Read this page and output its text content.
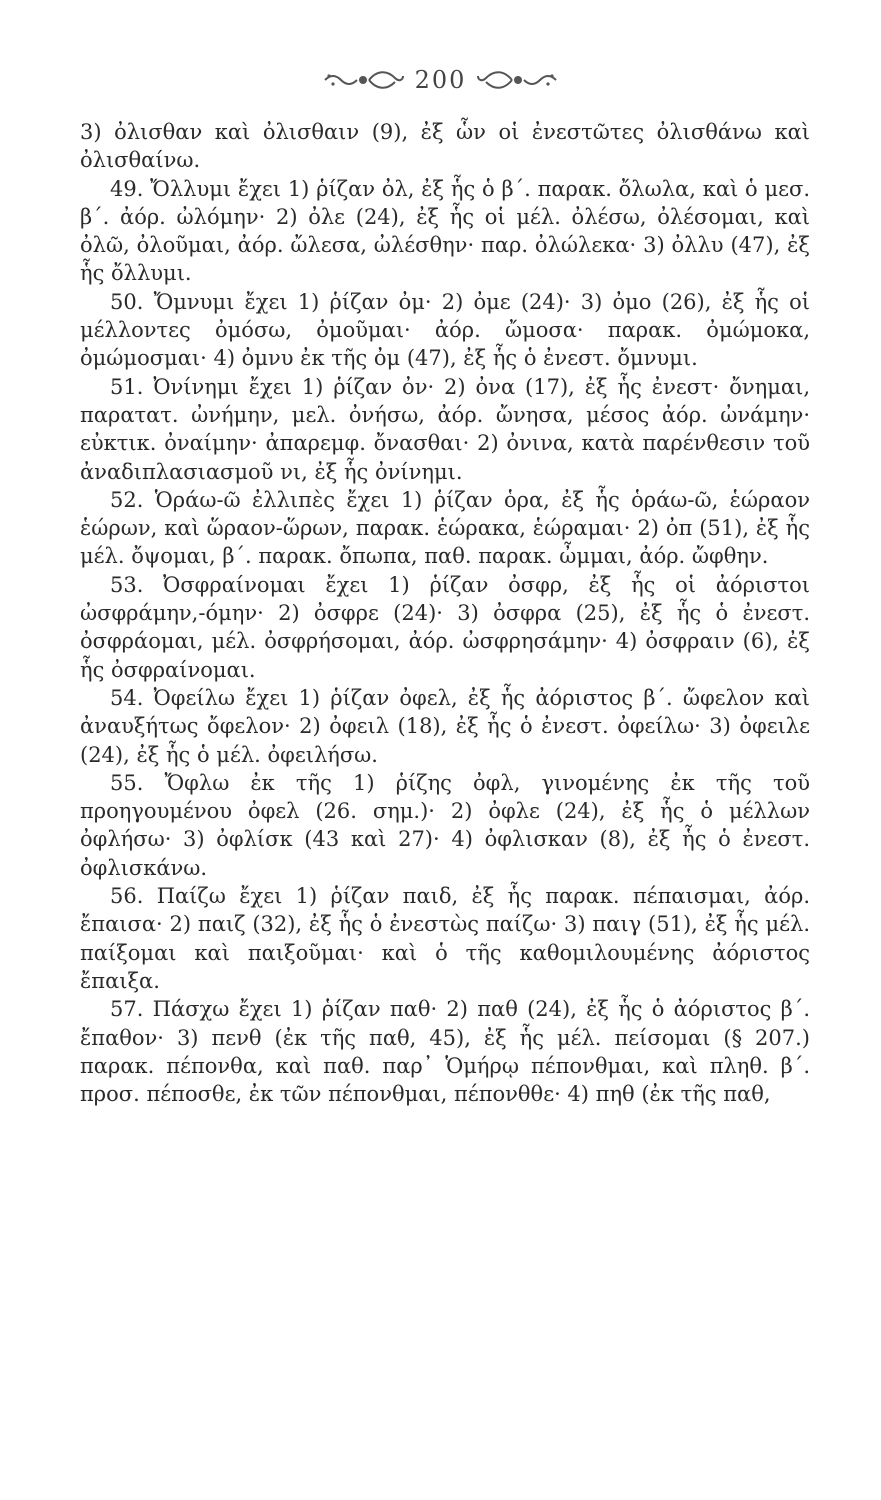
200

3) ὀλισθαν καὶ ὀλισθαιν (9), ἐξ ὧν οἱ ἐνεστῶτες ὀλισθάνω καὶ ὀλισθαίνω.

49. Ὄλλυμι ἔχει 1) ῥίζαν ὀλ, ἐξ ἧς ὁ β΄. παρακ. ὄλωλα, καὶ ὁ μεσ. β΄. ἀόρ. ὠλόμην· 2) ὀλε (24), ἐξ ἧς οἱ μέλ. ὀλέσω, ὀλέσομαι, καὶ ὀλῶ, ὀλοῦμαι, ἀόρ. ὤλεσα, ὠλέσθην· παρ. ὀλώλεκα· 3) ὀλλυ (47), ἐξ ἧς ὄλλυμι.

50. Ὄμνυμι ἔχει 1) ῥίζαν ὀμ· 2) ὀμε (24)· 3) ὀμο (26), ἐξ ἧς οἱ μέλλοντες ὀμόσω, ὀμοῦμαι· ἀόρ. ὤμοσα· παρακ. ὀμώμοκα, ὀμώμοσμαι· 4) ὀμνυ ἐκ τῆς ὀμ (47), ἐξ ἧς ὁ ἐνεστ. ὄμνυμι.

51. Ὀνίνημι ἔχει 1) ῥίζαν ὀν· 2) ὀνα (17), ἐξ ἧς ἐνεστ· ὄνημαι, παρατατ. ὠνήμην, μελ. ὀνήσω, ἀόρ. ὤνησα, μέσος ἀόρ. ὠνάμην· εὐκτικ. ὀναίμην· ἀπαρεμφ. ὄνασθαι· 2) ὀνινα, κατὰ παρένθεσιν τοῦ ἀναδιπλασιασμοῦ νι, ἐξ ἧς ὀνίνημι.

52. Ὁράω-ῶ ἐλλιπὲς ἔχει 1) ῥίζαν ὁρα, ἐξ ἧς ὁράω-ῶ, ἑώραον ἑώρων, καὶ ὥραον-ὥρων, παρακ. ἑώρακα, ἑώραμαι· 2) ὀπ (51), ἐξ ἧς μέλ. ὄψομαι, β΄. παρακ. ὄπωπα, παθ. παρακ. ὦμμαι, ἀόρ. ὤφθην.

53. Ὀσφραίνομαι ἔχει 1) ῥίζαν ὀσφρ, ἐξ ἧς οἱ ἀόριστοι ὠσφράμην,-όμην· 2) ὀσφρε (24)· 3) ὀσφρα (25), ἐξ ἧς ὁ ἐνεστ. ὀσφράομαι, μέλ. ὀσφρήσομαι, ἀόρ. ὠσφρησάμην· 4) ὀσφραιν (6), ἐξ ἧς ὀσφραίνομαι.

54. Ὀφείλω ἔχει 1) ῥίζαν ὀφελ, ἐξ ἧς ἀόριστος β΄. ὤφελον καὶ ἀναυξήτως ὄφελον· 2) ὀφειλ (18), ἐξ ἧς ὁ ἐνεστ. ὀφείλω· 3) ὀφειλε (24), ἐξ ἧς ὁ μέλ. ὀφειλήσω.

55. Ὄφλω ἐκ τῆς 1) ῥίζης ὀφλ, γινομένης ἐκ τῆς τοῦ προηγουμένου ὀφελ (26. σημ.)· 2) ὀφλε (24), ἐξ ἧς ὁ μέλλων ὀφλήσω· 3) ὀφλίσκ (43 καὶ 27)· 4) ὀφλισκαν (8), ἐξ ἧς ὁ ἐνεστ. ὀφλισκάνω.

56. Παίζω ἔχει 1) ῥίζαν παιδ, ἐξ ἧς παρακ. πέπαισμαι, ἀόρ. ἔπαισα· 2) παιζ (32), ἐξ ἧς ὁ ἐνεστὼς παίζω· 3) παιγ (51), ἐξ ἧς μέλ. παίξομαι καὶ παιξοῦμαι· καὶ ὁ τῆς καθομιλουμένης ἀόριστος ἔπαιξα.

57. Πάσχω ἔχει 1) ῥίζαν παθ· 2) παθ (24), ἐξ ἧς ὁ ἀόριστος β΄. ἔπαθον· 3) πενθ (ἐκ τῆς παθ, 45), ἐξ ἧς μέλ. πείσομαι (§ 207.) παρακ. πέπονθα, καὶ παθ. παρ᾽ Ὁμήρῳ πέπονθμαι, καὶ πληθ. β΄. προσ. πέποσθε, ἐκ τῶν πέπονθμαι, πέπονθθε· 4) πηθ (ἐκ τῆς παθ,
